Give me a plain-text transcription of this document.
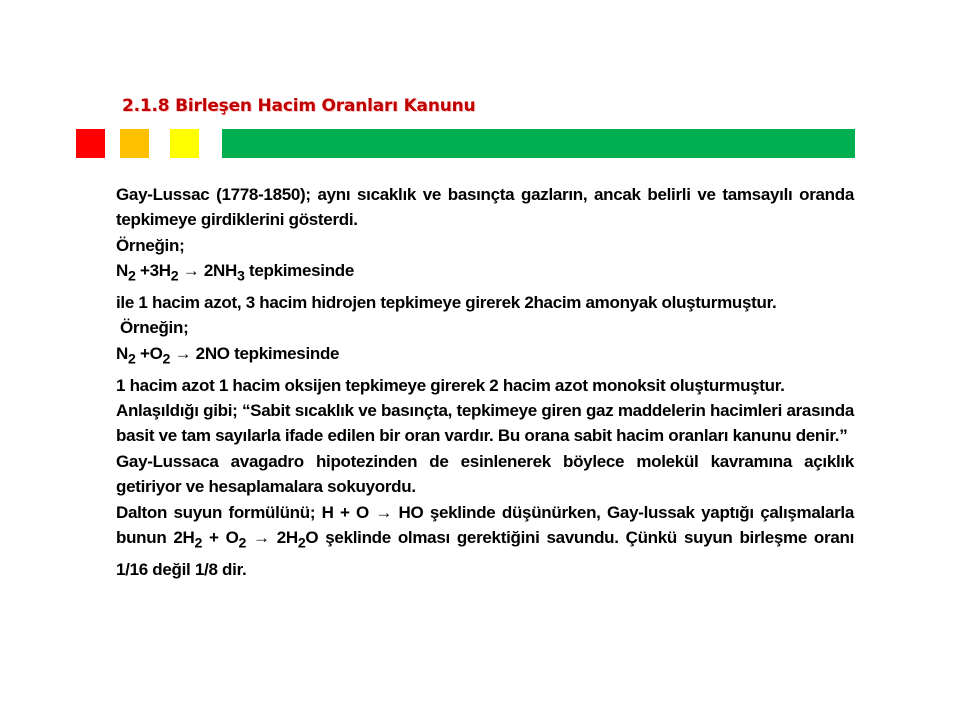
2.1.8 Birleşen Hacim Oranları Kanunu

Gay-Lussac (1778-1850); aynı sıcaklık ve basınçta gazların, ancak belirli ve tamsayılı oranda tepkimeye girdiklerini gösterdi.

Örneğin;

$N_2 +3H_2 \to 2NH_3$ tepkimesinde

ile 1 hacim azot, 3 hacim hidrojen tepkimeye girerek 2hacim amonyak oluşturmuştur.

Örneğin;

$N_2 +O_2 \to 2NO$ tepkimesinde

1 hacim azot 1 hacim oksijen tepkimeye girerek 2 hacim azot monoksit oluşturmuştur.

Anlaşıldığı gibi; “Sabit sıcaklık ve basınçta, tepkimeye giren gaz maddelerin hacimleri arasında basit ve tam sayılarla ifade edilen bir oran vardır. Bu orana sabit hacim oranları kanunu denir.”

Gay-Lussaca avagadro hipotezinden de esinlenerek böylece molekül kavramına açıklık getiriyor ve hesaplamalara sokuyordu.

Dalton suyun formülünü; H + O → HO şeklinde düşünürken, Gay-lussak yaptığı çalışmalarla bunun $2H_2 + O_2 \to 2H_2O$ şeklinde olması gerektiğini savundu. Çünkü suyun birleşme oranı 1/16 değil 1/8 dir.
